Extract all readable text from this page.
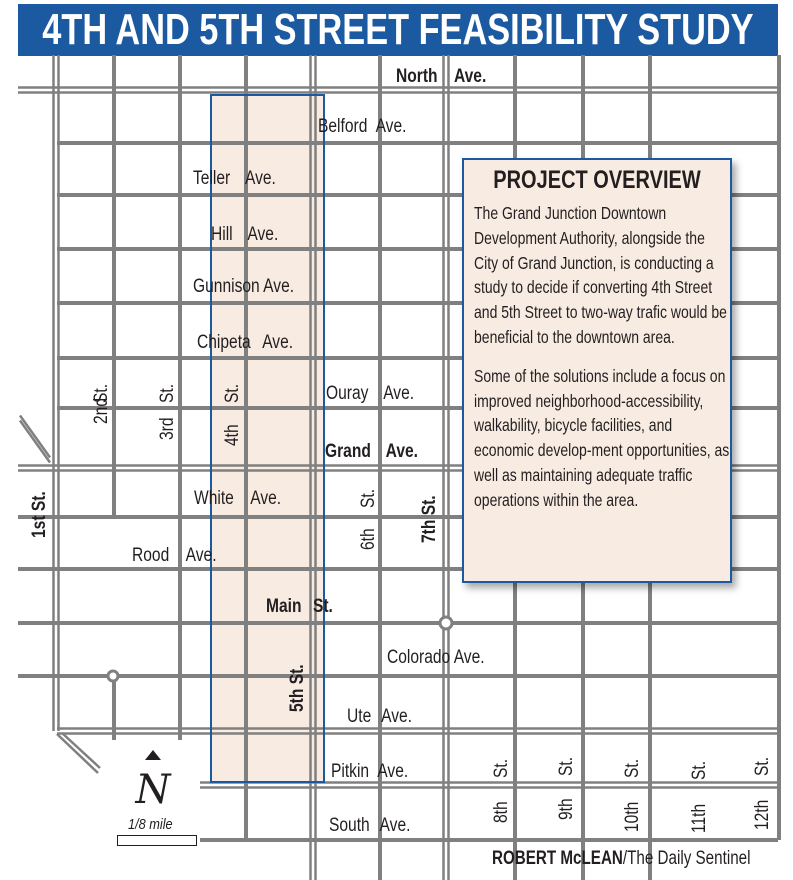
4TH AND 5TH STREET FEASIBILITY STUDY
North Ave.
Belford Ave.
Teller Ave.
Hill Ave.
Gunnison Ave.
Chipeta Ave.
Ouray Ave.
Grand Ave.
White Ave.
Rood Ave.
Main St.
Colorado Ave.
Ute Ave.
Pitkin Ave.
South Ave.
1st St.
2nd
St.
3rd
St.
4th
St.
5th St.
6th
St. 7th St.
8th
St.
9th
St.
10th
St.
11th
St.
12th
St.
PROJECT OVERVIEW

The Grand Junction Downtown Development Authority, alongside the City of Grand Junction, is conducting a study to decide if converting 4th Street and 5th Street to two-way trafic would be beneficial to the downtown area.

Some of the solutions include a focus on improved neighborhood-accessibility, walkability, bicycle facilities, and economic develop-ment opportunities, as well as maintaining adequate traffic operations within the area.

N
1/8 mile
ROBERT McLEAN/The Daily Sentinel
